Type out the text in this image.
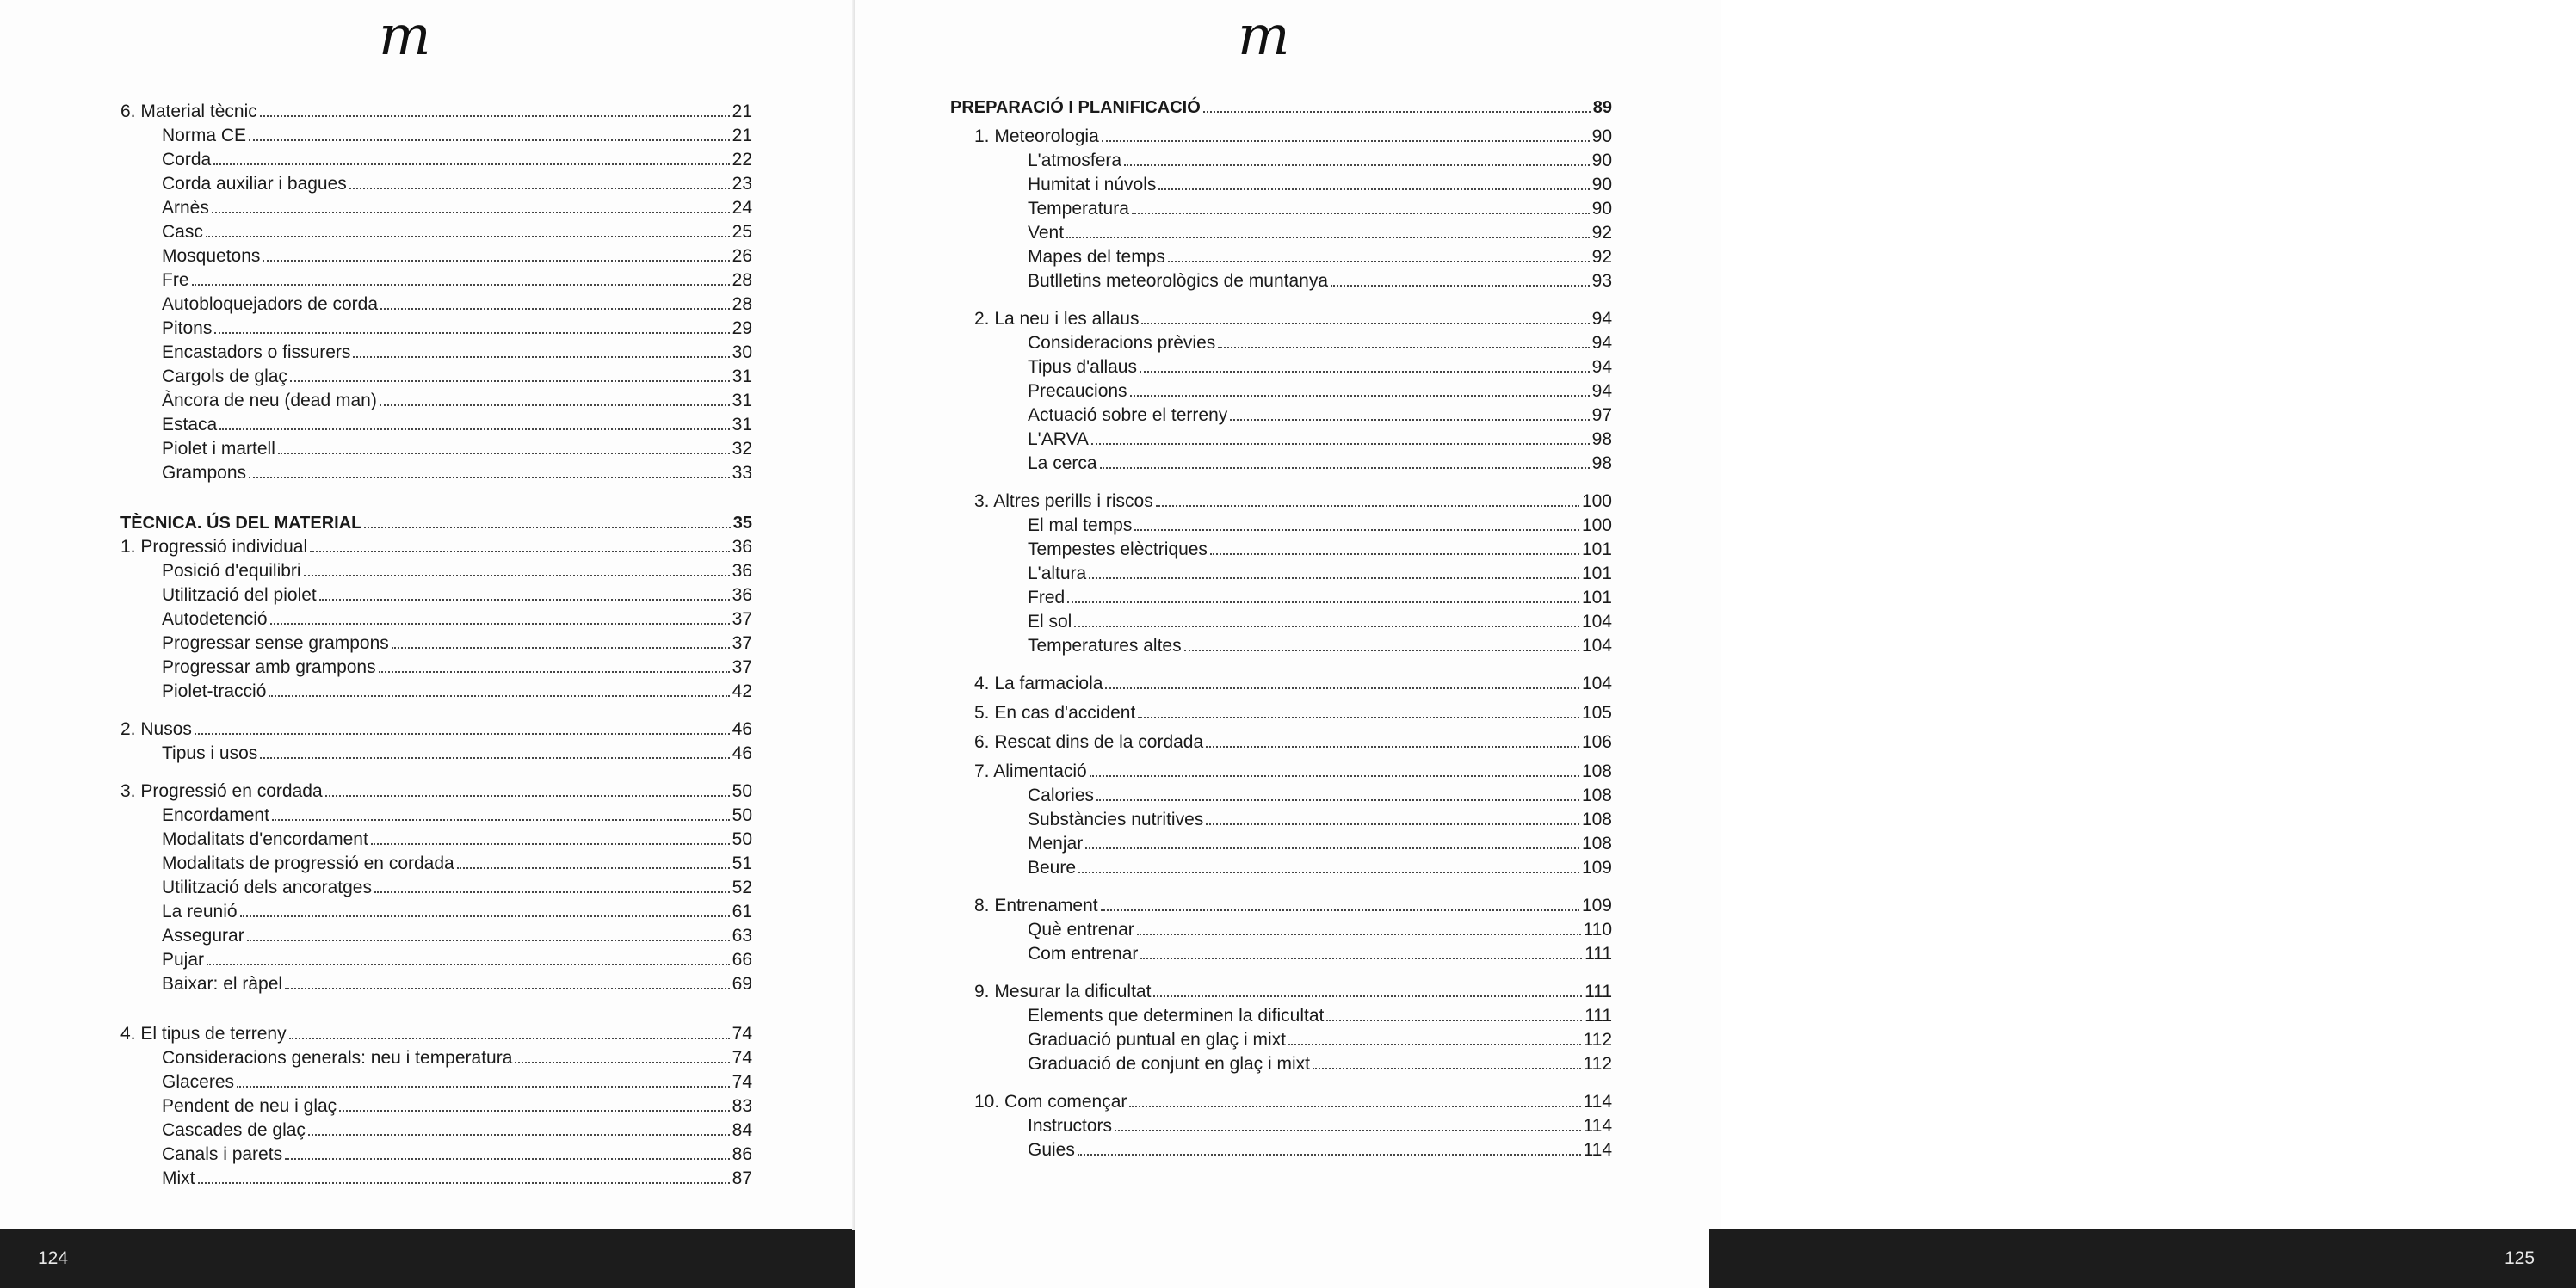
m
6. Material tècnic	21
Norma CE	21
Corda	22
Corda auxiliar i bagues	23
Arnès	24
Casc	25
Mosquetons	26
Fre	28
Autobloquejadors de corda	28
Pitons	29
Encastadors o fissurers	30
Cargols de glaç	31
Àncora de neu (dead man)	31
Estaca	31
Piolet i martell	32
Grampons	33
TÈCNICA. ÚS DEL MATERIAL	35
1. Progressió individual	36
Posició d'equilibri	36
Utilització del piolet	36
Autodetenció	37
Progressar sense grampons	37
Progressar amb grampons	37
Piolet-tracció	42
2. Nusos	46
Tipus i usos	46
3. Progressió en cordada	50
Encordament	50
Modalitats d'encordament	50
Modalitats de progressió en cordada	51
Utilització dels ancoratges	52
La reunió	61
Assegurar	63
Pujar	66
Baixar: el ràpel	69
4. El tipus de terreny	74
Consideracions generals: neu i temperatura	74
Glaceres	74
Pendent de neu i glaç	83
Cascades de glaç	84
Canals i parets	86
Mixt	87
124
m
PREPARACIÓ I PLANIFICACIÓ	89
1. Meteorologia	90
L'atmosfera	90
Humitat i núvols	90
Temperatura	90
Vent	92
Mapes del temps	92
Butlletins meteorològics de muntanya	93
2. La neu i les allaus	94
Consideracions prèvies	94
Tipus d'allaus	94
Precaucions	94
Actuació sobre el terreny	97
L'ARVA	98
La cerca	98
3. Altres perills i riscos	100
El mal temps	100
Tempestes elèctriques	101
L'altura	101
Fred	101
El sol	104
Temperatures altes	104
4. La farmaciola	104
5. En cas d'accident	105
6. Rescat dins de la cordada	106
7. Alimentació	108
Calories	108
Substàncies nutritives	108
Menjar	108
Beure	109
8. Entrenament	109
Què entrenar	110
Com entrenar	111
9. Mesurar la dificultat	111
Elements que determinen la dificultat	111
Graduació puntual en glaç i mixt	112
Graduació de conjunt en glaç i mixt	112
10. Com començar	114
Instructors	114
Guies	114
125
